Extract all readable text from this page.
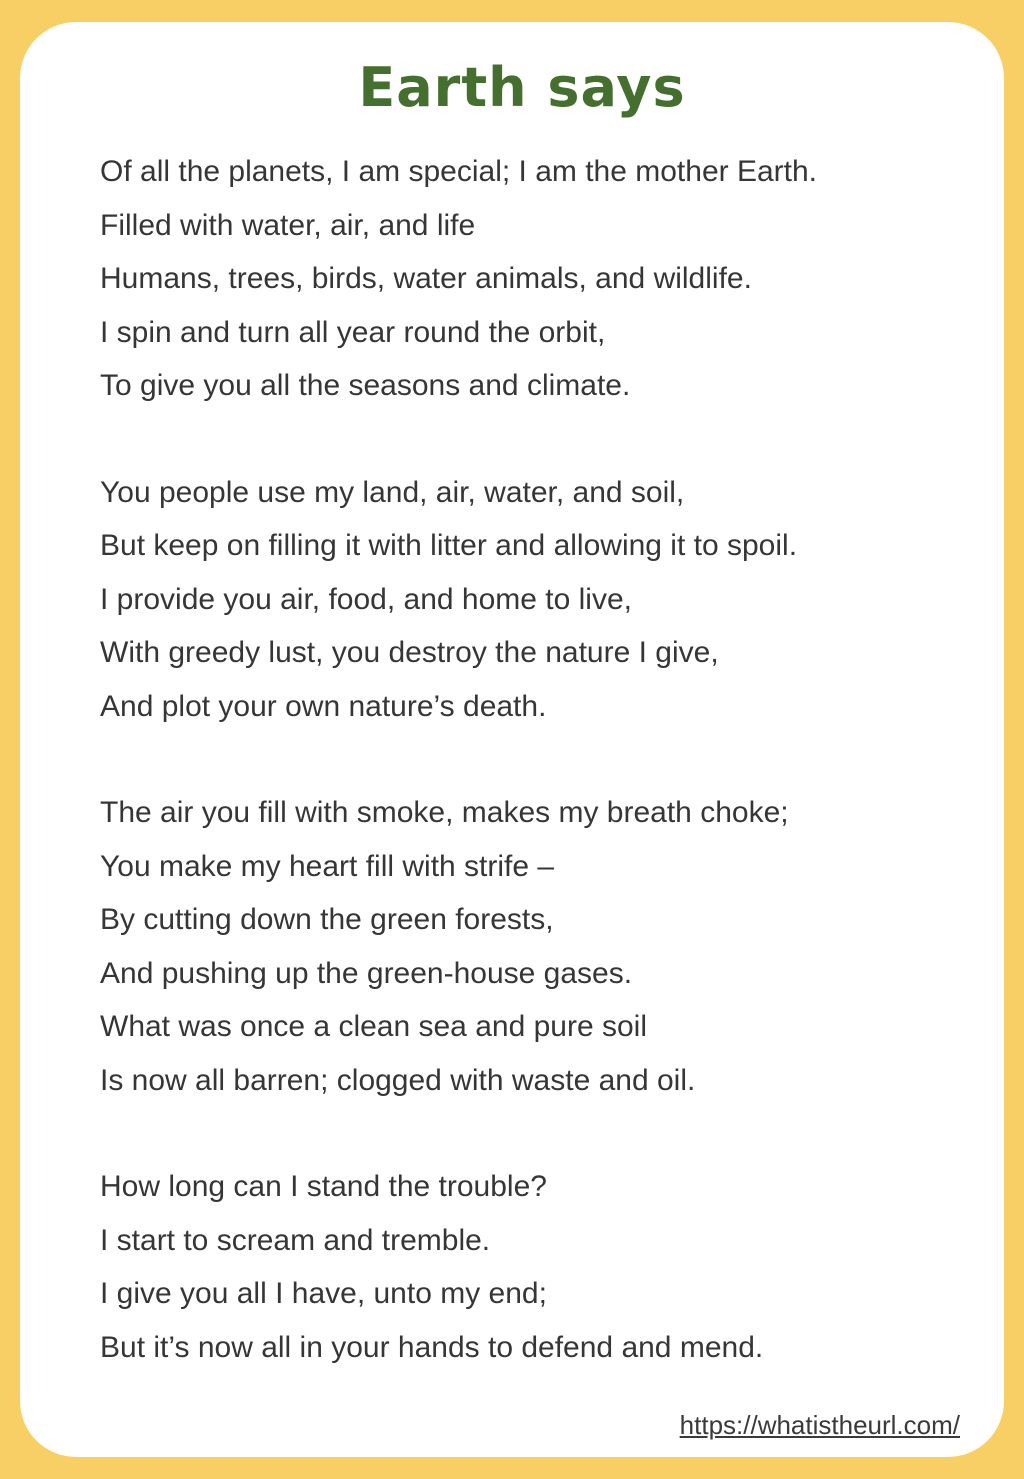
Earth says

Of all the planets, I am special; I am the mother Earth.

Filled with water, air, and life

Humans, trees, birds, water animals, and wildlife.

I spin and turn all year round the orbit,

To give you all the seasons and climate.

You people use my land, air, water, and soil,

But keep on filling it with litter and allowing it to spoil.

I provide you air, food, and home to live,

With greedy lust, you destroy the nature I give,

And plot your own nature’s death.

The air you fill with smoke, makes my breath choke;

You make my heart fill with strife –

By cutting down the green forests,

And pushing up the green-house gases.

What was once a clean sea and pure soil

Is now all barren; clogged with waste and oil.

How long can I stand the trouble?

I start to scream and tremble.

I give you all I have, unto my end;

But it’s now all in your hands to defend and mend.

https://whatistheurl.com/
